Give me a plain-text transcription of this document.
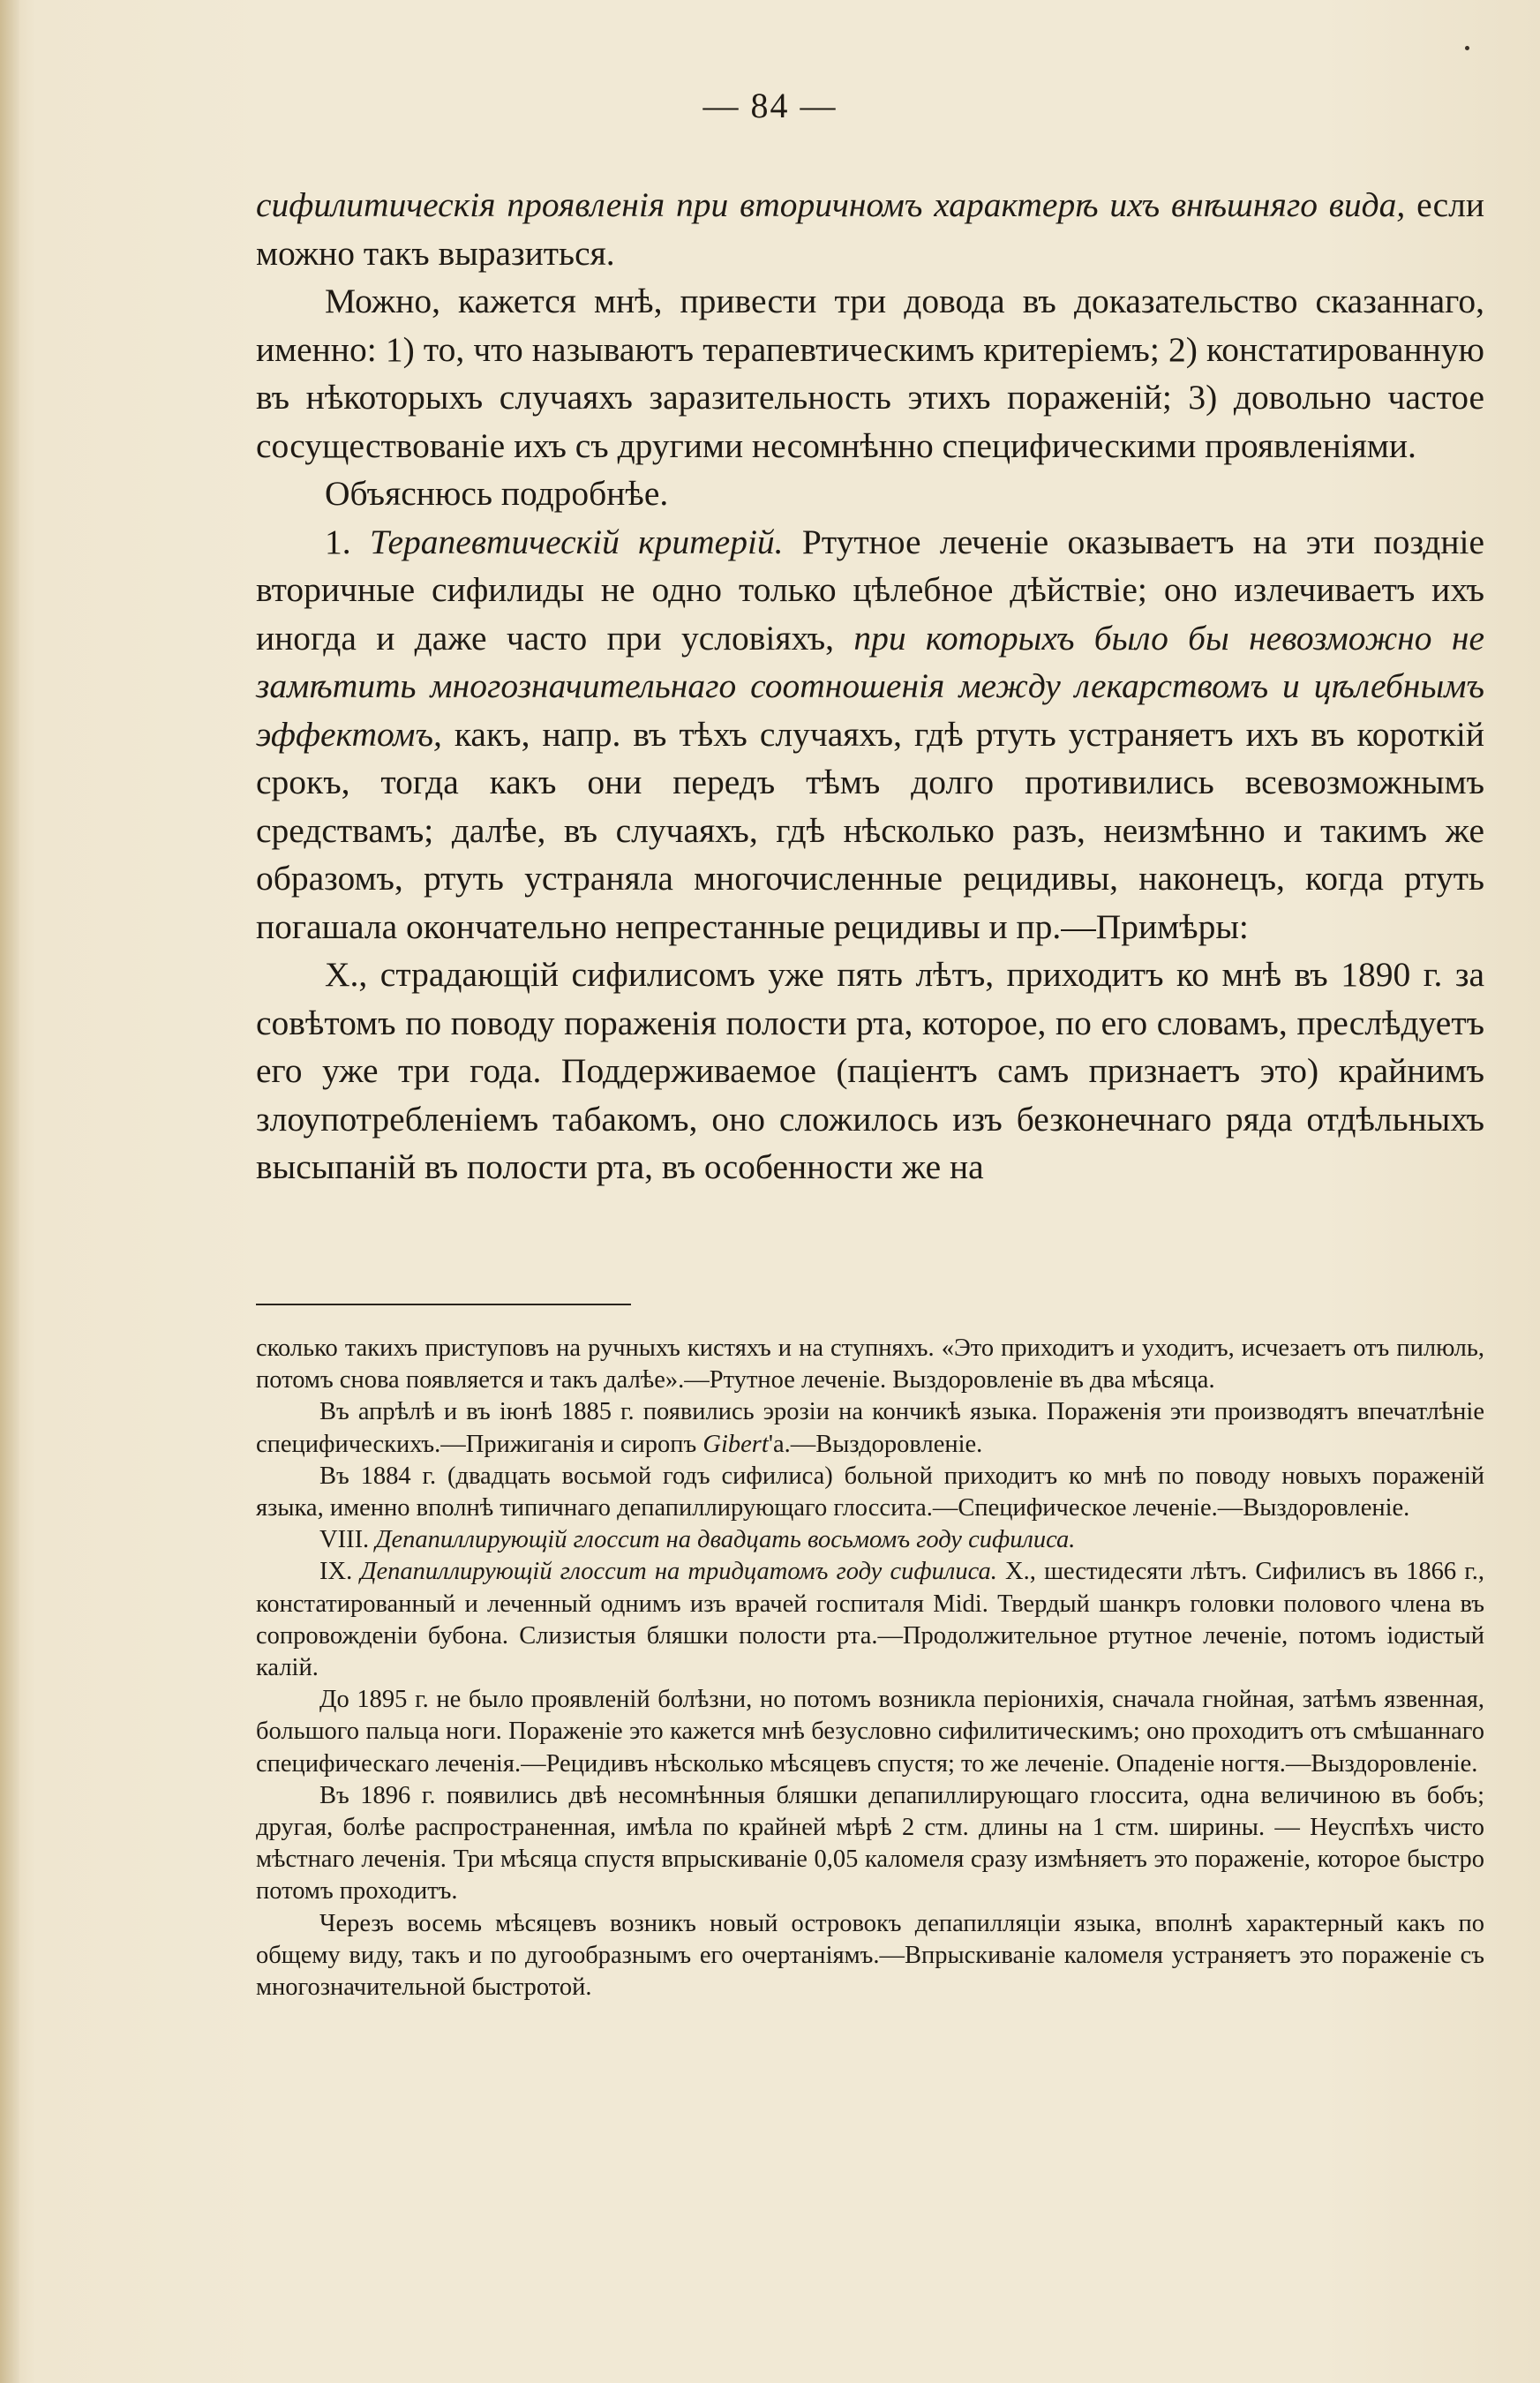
— 84 —

сифилитическiя проявленiя при вторичномъ характерѣ ихъ внѣшняго вида, если можно такъ выразиться.

Можно, кажется мнѣ, привести три довода въ доказательство сказаннаго, именно: 1) то, что называютъ терапевтическимъ критерiемъ; 2) констатированную въ нѣкоторыхъ случаяхъ заразительность этихъ пораженiй; 3) довольно частое сосуществованiе ихъ съ другими несомнѣнно специфическими проявленiями.

Объяснюсь подробнѣе.

1. Терапевтическiй критерiй. Ртутное леченiе оказываетъ на эти позднiе вторичные сифилиды не одно только цѣлебное дѣйствiе; оно излечиваетъ ихъ иногда и даже часто при условiяхъ, при которыхъ было бы невозможно не замѣтить многозначительнаго соотношенiя между лекарствомъ и цѣлебнымъ эффектомъ, какъ, напр. въ тѣхъ случаяхъ, гдѣ ртуть устраняетъ ихъ въ короткiй срокъ, тогда какъ они передъ тѣмъ долго противились всевозможнымъ средствамъ; далѣе, въ случаяхъ, гдѣ нѣсколько разъ, неизмѣнно и такимъ же образомъ, ртуть устраняла многочисленные рецидивы, наконецъ, когда ртуть погашала окончательно непрестанные рецидивы и пр.—Примѣры:

X., страдающiй сифилисомъ уже пять лѣтъ, приходитъ ко мнѣ въ 1890 г. за совѣтомъ по поводу пораженiя полости рта, которое, по его словамъ, преслѣдуетъ его уже три года. Поддерживаемое (пацiентъ самъ признаетъ это) крайнимъ злоупотребленiемъ табакомъ, оно сложилось изъ безконечнаго ряда отдѣльныхъ высыпанiй въ полости рта, въ особенности же на

сколько такихъ приступовъ на ручныхъ кистяхъ и на ступняхъ. «Это приходитъ и уходитъ, исчезаетъ отъ пилюль, потомъ снова появляется и такъ далѣе».—Ртутное леченiе. Выздоровленiе въ два мѣсяца.

Въ апрѣлѣ и въ iюнѣ 1885 г. появились эрозiи на кончикѣ языка. Пораженiя эти производятъ впечатлѣнiе специфическихъ.—Прижиганiя и сиропъ Gibert'а.—Выздоровленiе.

Въ 1884 г. (двадцать восьмой годъ сифилиса) больной приходитъ ко мнѣ по поводу новыхъ пораженiй языка, именно вполнѣ типичнаго депапиллирующаго глосcита.—Специфическое леченiе.—Выздоровленiе.

VIII. Депапиллирующiй глоссит на двадцать восьмомъ году сифилиса.

IX. Депапиллирующiй глоссит на тридцатомъ году сифилиса. X., шестидесяти лѣтъ. Сифилисъ въ 1866 г., констатированный и леченный однимъ изъ врачей госпиталя Midi. Твердый шанкръ головки полового члена въ сопровожденiи бубона. Слизистыя бляшки полости рта.—Продолжительное ртутное леченiе, потомъ iодистый калiй.

До 1895 г. не было проявленiй болѣзни, но потомъ возникла перiонихiя, сначала гнойная, затѣмъ язвенная, большого пальца ноги. Пораженiе это кажется мнѣ безусловно сифилитическимъ; оно проходитъ отъ смѣшаннаго специфическаго леченiя.—Рецидивъ нѣсколько мѣсяцевъ спустя; то же леченiе. Опаденiе ногтя.—Выздоровленiе.

Въ 1896 г. появились двѣ несомнѣнныя бляшки депапиллирующаго глосcита, одна величиною въ бобъ; другая, болѣе распространенная, имѣла по крайней мѣрѣ 2 стм. длины на 1 стм. ширины. — Неуспѣхъ чисто мѣстнаго леченiя. Три мѣсяца спустя впрыскиванiе 0,05 каломеля сразу измѣняетъ это пораженiе, которое быстро потомъ проходитъ.

Черезъ восемь мѣсяцевъ возникъ новый островокъ депапилляцiи языка, вполнѣ характерный какъ по общему виду, такъ и по дугообразнымъ его очертанiямъ.—Впрыскиванiе каломеля устраняетъ это пораженiе съ многозначительной быстротой.
